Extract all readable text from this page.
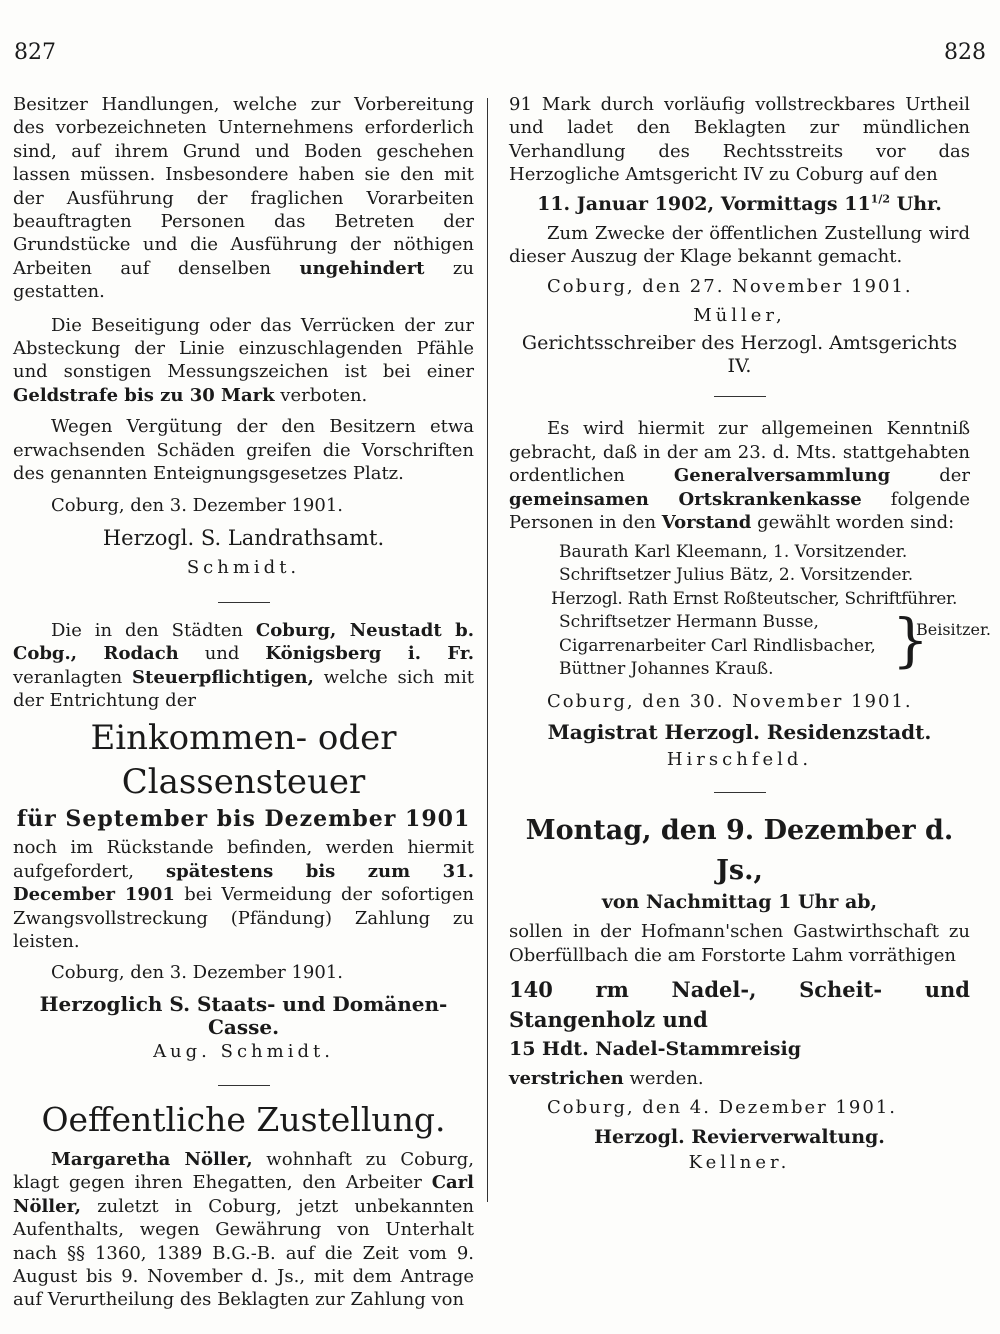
827	828

Besitzer Handlungen, welche zur Vorbereitung des vorbezeichneten Unternehmens erforderlich sind, auf ihrem Grund und Boden geschehen lassen müssen. Insbesondere haben sie den mit der Ausführung der fraglichen Vorarbeiten beauftragten Personen das Betreten der Grundstücke und die Ausführung der nöthigen Arbeiten auf denselben ungehindert zu gestatten.

Die Beseitigung oder das Verrücken der zur Absteckung der Linie einzuschlagenden Pfähle und sonstigen Messungszeichen ist bei einer Geldstrafe bis zu 30 Mark verboten.

Wegen Vergütung der den Besitzern etwa erwachsenden Schäden greifen die Vorschriften des genannten Enteignungsgesetzes Platz.

Coburg, den 3. Dezember 1901.

Herzogl. S. Landrathsamt.

Schmidt.

Die in den Städten Coburg, Neustadt b. Cobg., Rodach und Königsberg i. Fr. veranlagten Steuerpflichtigen, welche sich mit der Entrichtung der

Einkommen- oder Classensteuer

für September bis Dezember 1901

noch im Rückstande befinden, werden hiermit aufgefordert, spätestens bis zum 31. December 1901 bei Vermeidung der sofortigen Zwangsvollstreckung (Pfändung) Zahlung zu leisten.

Coburg, den 3. Dezember 1901.

Herzoglich S. Staats- und Domänen-Casse.

Aug. Schmidt.

Oeffentliche Zustellung.

Margaretha Nöller, wohnhaft zu Coburg, klagt gegen ihren Ehegatten, den Arbeiter Carl Nöller, zuletzt in Coburg, jetzt unbekannten Aufenthalts, wegen Gewährung von Unterhalt nach §§ 1360, 1389 B.G.-B. auf die Zeit vom 9. August bis 9. November d. Js., mit dem Antrage auf Verurtheilung des Beklagten zur Zahlung von

91 Mark durch vorläufig vollstreckbares Urtheil und ladet den Beklagten zur mündlichen Verhandlung des Rechtsstreits vor das Herzogliche Amtsgericht IV zu Coburg auf den

11. Januar 1902, Vormittags $11^{1/2}$ Uhr.

Zum Zwecke der öffentlichen Zustellung wird dieser Auszug der Klage bekannt gemacht.

Coburg, den 27. November 1901.

Müller,

Gerichtsschreiber des Herzogl. Amtsgerichts IV.

Es wird hiermit zur allgemeinen Kenntniß gebracht, daß in der am 23. d. Mts. stattgehabten ordentlichen	Generalversammlung	der gemeinsamen Ortskrankenkasse folgende Personen in den Vorstand gewählt worden sind:

Baurath Karl Kleemann, 1. Vorsitzender.
Schriftsetzer Julius Bätz, 2. Vorsitzender.
Herzogl. Rath Ernst Roßteutscher, Schriftführer.
Schriftsetzer Hermann Busse,
Cigarrenarbeiter Carl Rindlisbacher,
Büttner Johannes Krauß.	}
Beisitzer.

Coburg, den 30. November 1901.

Magistrat Herzogl. Residenzstadt.

Hirschfeld.

Montag, den 9. Dezember d. Js.,

von Nachmittag 1 Uhr ab,

sollen in der Hofmann'schen Gastwirthschaft zu Oberfüllbach die am Forstorte Lahm vorräthigen

140 rm Nadel-, Scheit- und Stangenholz und

15 Hdt. Nadel-Stammreisig

verstrichen werden.

Coburg, den 4. Dezember 1901.

Herzogl. Revierverwaltung.

Kellner.
